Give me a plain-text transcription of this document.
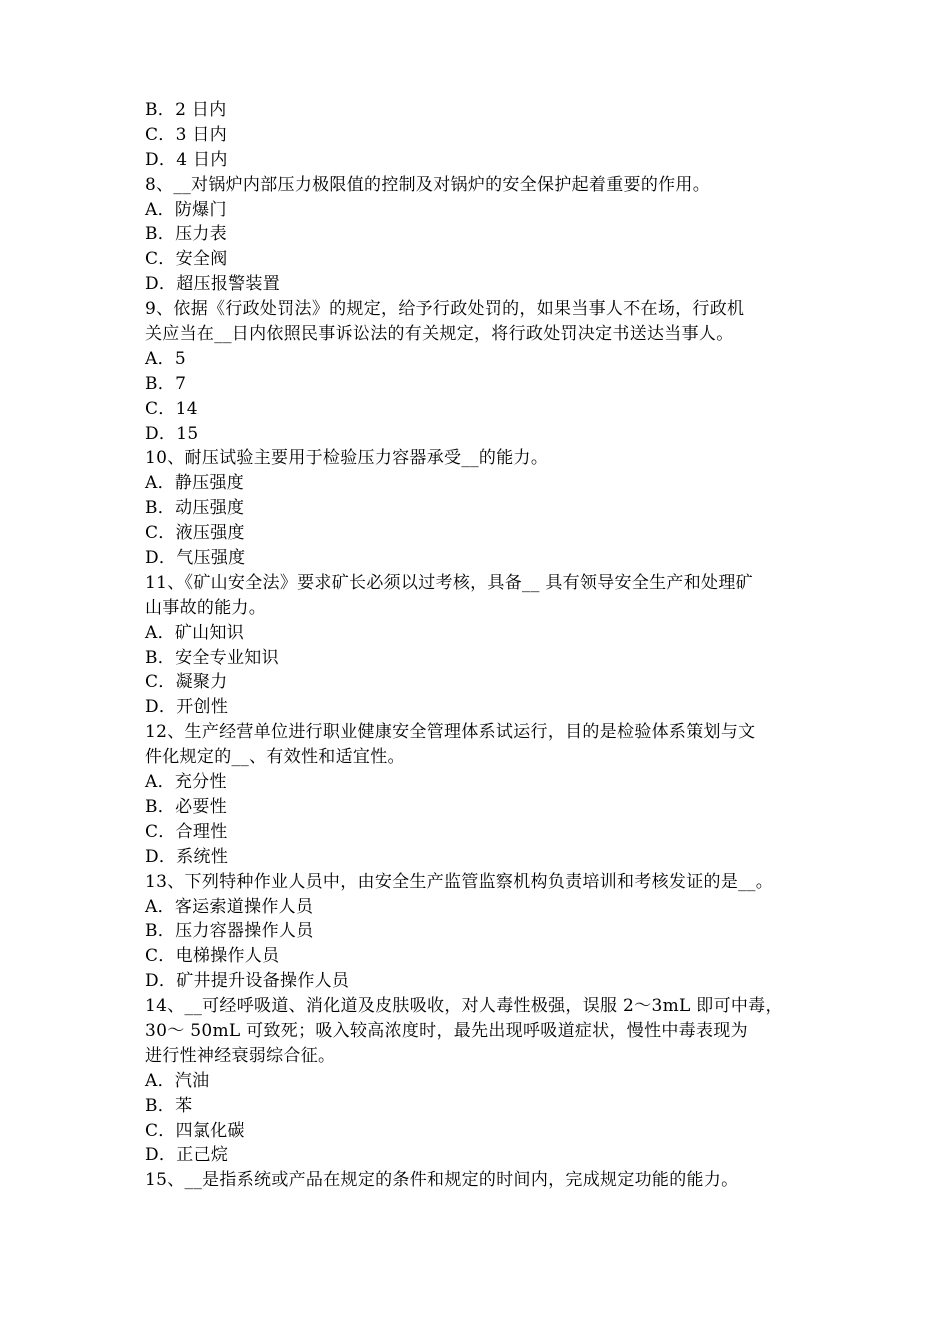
B．2 日内
C．3 日内
D．4 日内
8、__对锅炉内部压力极限值的控制及对锅炉的安全保护起着重要的作用。
A．防爆门
B．压力表
C．安全阀
D．超压报警装置
9、依据《行政处罚法》的规定，给予行政处罚的，如果当事人不在场，行政机
关应当在__日内依照民事诉讼法的有关规定，将行政处罚决定书送达当事人。
A．5
B．7
C．14
D．15
10、耐压试验主要用于检验压力容器承受__的能力。
A．静压强度
B．动压强度
C．液压强度
D．气压强度
11、《矿山安全法》要求矿长必须以过考核，具备__ 具有领导安全生产和处理矿
山事故的能力。
A．矿山知识
B．安全专业知识
C．凝聚力
D．开创性
12、生产经营单位进行职业健康安全管理体系试运行，目的是检验体系策划与文
件化规定的__、有效性和适宜性。
A．充分性
B．必要性
C．合理性
D．系统性
13、下列特种作业人员中，由安全生产监管监察机构负责培训和考核发证的是__。
A．客运索道操作人员
B．压力容器操作人员
C．电梯操作人员
D．矿井提升设备操作人员
14、__可经呼吸道、消化道及皮肤吸收，对人毒性极强，误服 2～3mL 即可中毒，
30～ 50mL 可致死；吸入较高浓度时，最先出现呼吸道症状，慢性中毒表现为
进行性神经衰弱综合征。
A．汽油
B．苯
C．四氯化碳
D．正己烷
15、__是指系统或产品在规定的条件和规定的时间内，完成规定功能的能力。
